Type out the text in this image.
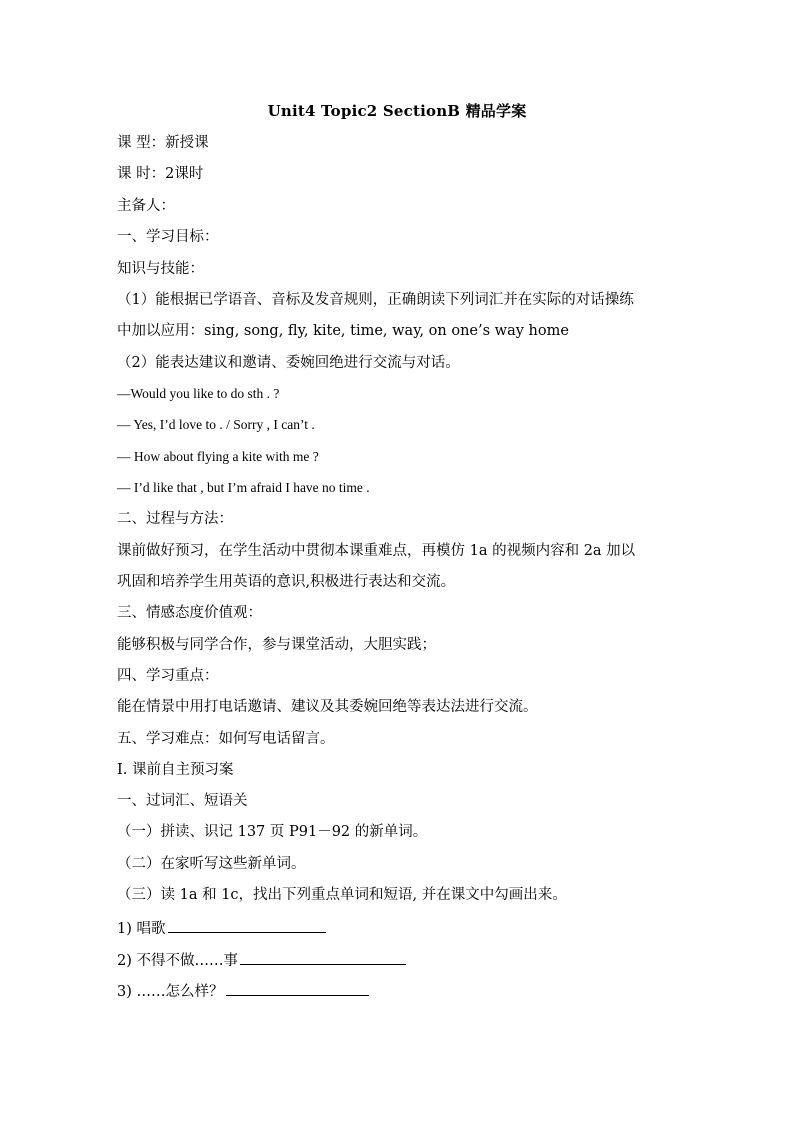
Unit4 Topic2 SectionB 精品学案
课 型：新授课
课 时：2课时
主备人：
一、学习目标：
知识与技能：
（1）能根据已学语音、音标及发音规则，正确朗读下列词汇并在实际的对话操练
中加以应用：sing, song, fly, kite, time, way, on one’s way home
（2）能表达建议和邀请、委婉回绝进行交流与对话。
—Would you like to do sth . ?
— Yes, I’d love to . / Sorry , I can’t .
— How about flying a kite with me ?
— I’d like that , but I’m afraid I have no time .
二、过程与方法：
课前做好预习，在学生活动中贯彻本课重难点，再模仿 1a 的视频内容和 2a 加以
巩固和培养学生用英语的意识,积极进行表达和交流。
三、情感态度价值观：
能够积极与同学合作，参与课堂活动，大胆实践；
四、学习重点：
能在情景中用打电话邀请、建议及其委婉回绝等表达法进行交流。
五、学习难点：如何写电话留言。
I. 课前自主预习案
一、过词汇、短语关
（一）拼读、识记 137 页 P91－92 的新单词。
（二）在家听写这些新单词。
（三）读 1a 和 1c，找出下列重点单词和短语, 并在课文中勾画出来。
1) 唱歌
2) 不得不做……事
3) ……怎么样？
